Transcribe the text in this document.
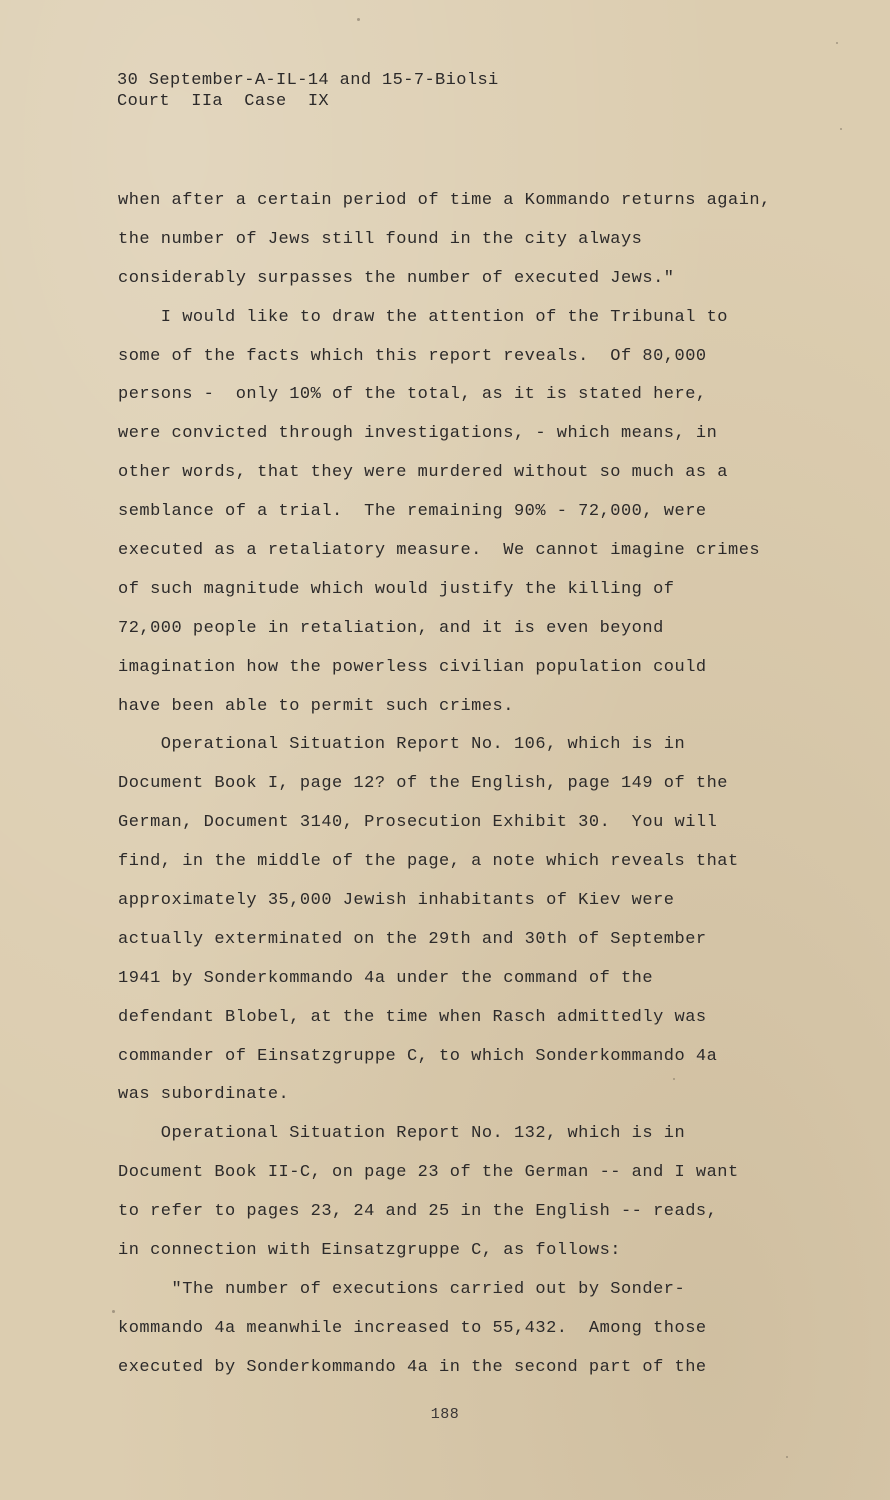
30 September-A-IL-14 and 15-7-Biolsi
Court  IIa  Case  IX
when after a certain period of time a Kommando returns again,
the number of Jews still found in the city always
considerably surpasses the number of executed Jews."
I would like to draw the attention of the Tribunal to
some of the facts which this report reveals.  Of 80,000
persons -  only 10% of the total, as it is stated here,
were convicted through investigations, - which means, in
other words, that they were murdered without so much as a
semblance of a trial.  The remaining 90% - 72,000, were
executed as a retaliatory measure.  We cannot imagine crimes
of such magnitude which would justify the killing of
72,000 people in retaliation, and it is even beyond
imagination how the powerless civilian population could
have been able to permit such crimes.
Operational Situation Report No. 106, which is in
Document Book I, page 12? of the English, page 149 of the
German, Document 3140, Prosecution Exhibit 30.  You will
find, in the middle of the page, a note which reveals that
approximately 35,000 Jewish inhabitants of Kiev were
actually exterminated on the 29th and 30th of September
1941 by Sonderkommando 4a under the command of the
defendant Blobel, at the time when Rasch admittedly was
commander of Einsatzgruppe C, to which Sonderkommando 4a
was subordinate.
Operational Situation Report No. 132, which is in
Document Book II-C, on page 23 of the German -- and I want
to refer to pages 23, 24 and 25 in the English -- reads,
in connection with Einsatzgruppe C, as follows:
"The number of executions carried out by Sonder-
kommando 4a meanwhile increased to 55,432.  Among those
executed by Sonderkommando 4a in the second part of the
188
